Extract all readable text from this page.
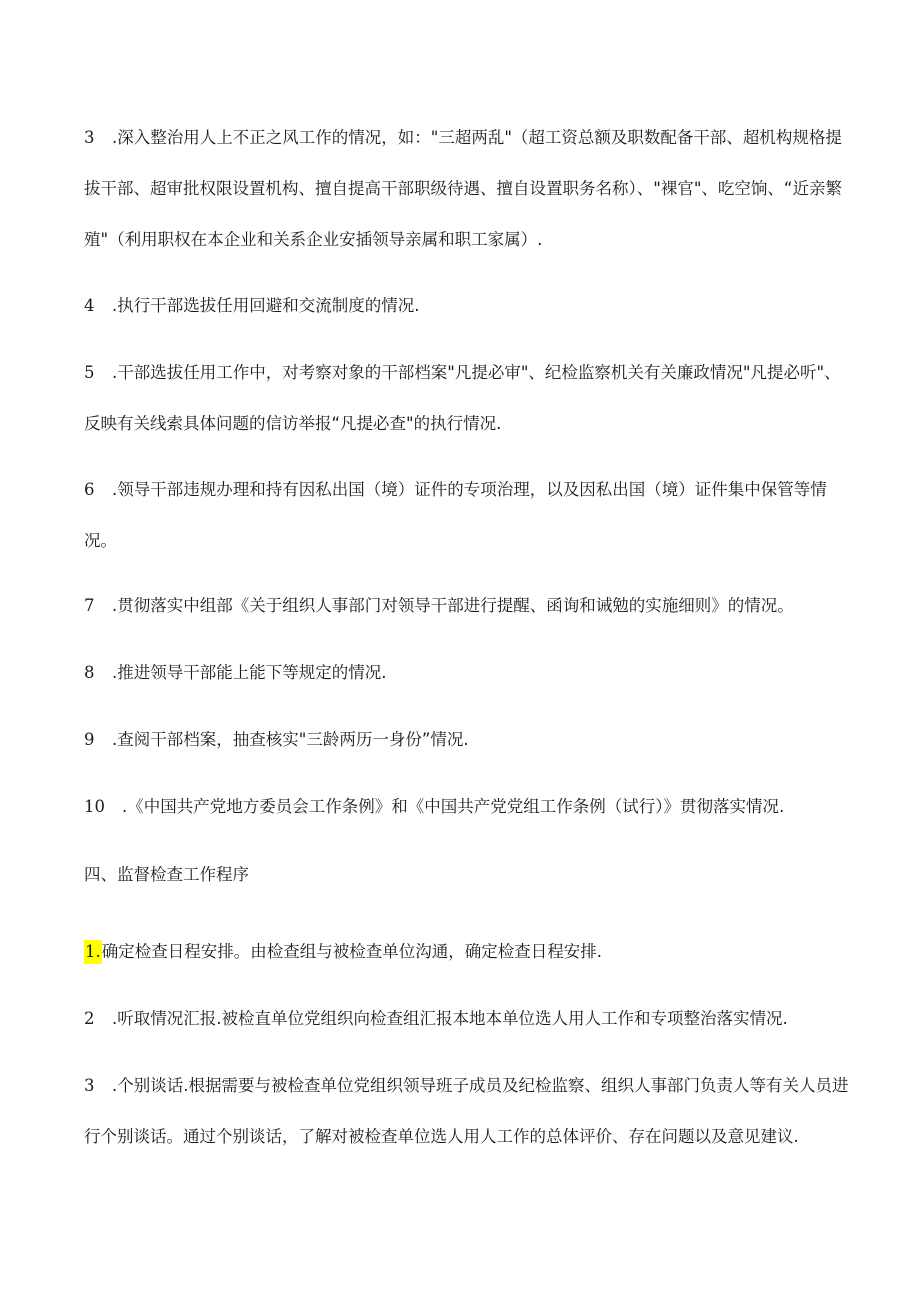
3 .深入整治用人上不正之风工作的情况，如："三超两乱"（超工资总额及职数配备干部、超机构规格提拔干部、超审批权限设置机构、擅自提高干部职级待遇、擅自设置职务名称）、"裸官"、吃空饷、“近亲繁殖"（利用职权在本企业和关系企业安插领导亲属和职工家属）.
4 .执行干部选拔任用回避和交流制度的情况.
5 .干部选拔任用工作中，对考察对象的干部档案"凡提必审"、纪检监察机关有关廉政情况"凡提必听"、反映有关线索具体问题的信访举报“凡提必查"的执行情况.
6 .领导干部违规办理和持有因私出国（境）证件的专项治理，以及因私出国（境）证件集中保管等情况。
7 .贯彻落实中组部《关于组织人事部门对领导干部进行提醒、函询和诫勉的实施细则》的情况。
8 .推进领导干部能上能下等规定的情况.
9 .查阅干部档案，抽查核实"三龄两历一身份”情况.
10 .《中国共产党地方委员会工作条例》和《中国共产党党组工作条例（试行）》贯彻落实情况.
四、监督检查工作程序
1.确定检查日程安排。由检查组与被检查单位沟通，确定检查日程安排.
2 .听取情况汇报.被检直单位党组织向检查组汇报本地本单位选人用人工作和专项整治落实情况.
3 .个别谈话.根据需要与被检查单位党组织领导班子成员及纪检监察、组织人事部门负责人等有关人员进行个别谈话。通过个别谈话，了解对被检查单位选人用人工作的总体评价、存在问题以及意见建议.
